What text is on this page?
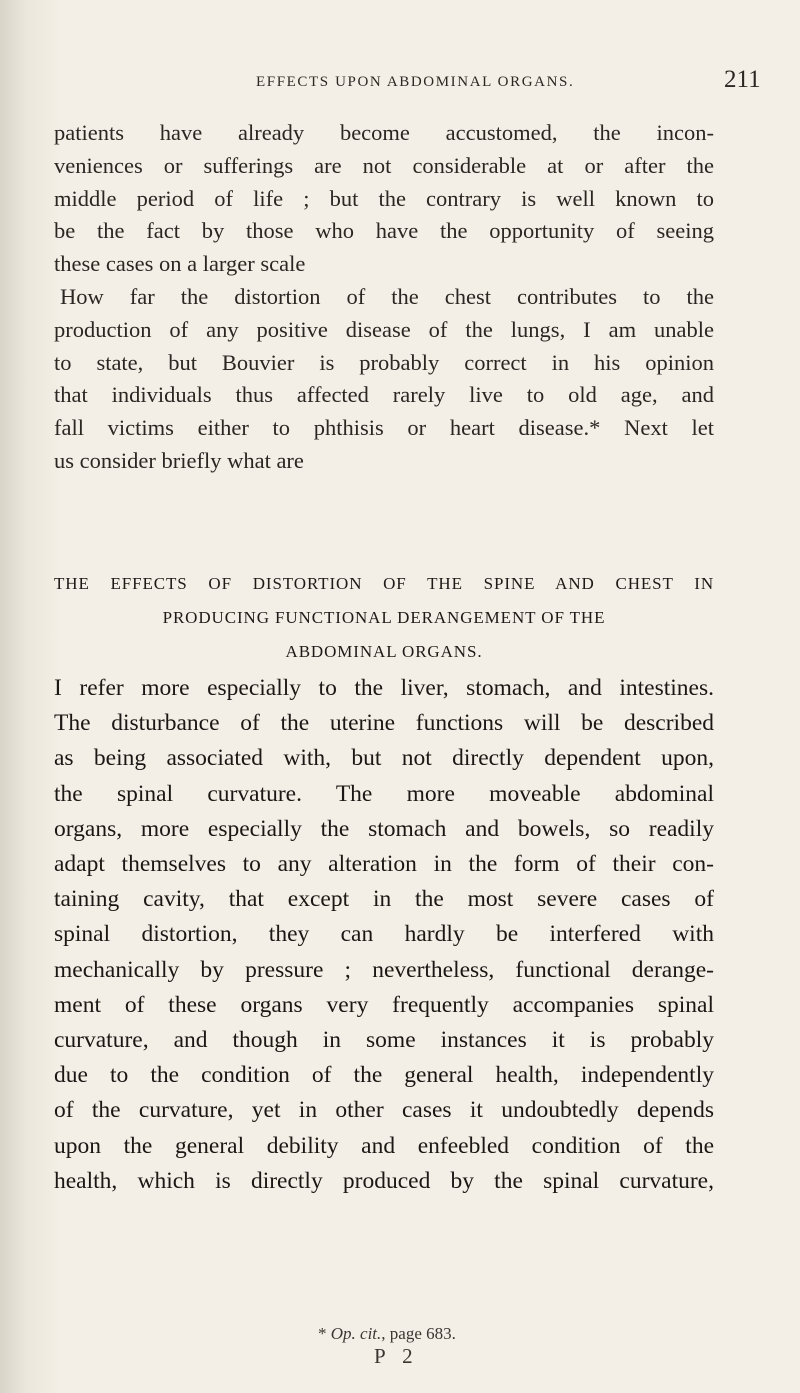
EFFECTS UPON ABDOMINAL ORGANS.	211
patients have already become accustomed, the incon-
veniences or sufferings are not considerable at or after the
middle period of life ; but the contrary is well known to
be the fact by those who have the opportunity of seeing
these cases on a larger scale
How far the distortion of the chest contributes to the
production of any positive disease of the lungs, I am unable
to state, but Bouvier is probably correct in his opinion
that individuals thus affected rarely live to old age, and
fall victims either to phthisis or heart disease.* Next let
us consider briefly what are
THE EFFECTS OF DISTORTION OF THE SPINE AND CHEST IN
PRODUCING FUNCTIONAL DERANGEMENT OF THE
ABDOMINAL ORGANS.
I refer more especially to the liver, stomach, and intestines.
The disturbance of the uterine functions will be described
as being associated with, but not directly dependent upon,
the spinal curvature. The more moveable abdominal
organs, more especially the stomach and bowels, so readily
adapt themselves to any alteration in the form of their con-
taining cavity, that except in the most severe cases of
spinal distortion, they can hardly be interfered with
mechanically by pressure ; nevertheless, functional derange-
ment of these organs very frequently accompanies spinal
curvature, and though in some instances it is probably
due to the condition of the general health, independently
of the curvature, yet in other cases it undoubtedly depends
upon the general debility and enfeebled condition of the
health, which is directly produced by the spinal curvature,
* Op. cit., page 683.
P 2
